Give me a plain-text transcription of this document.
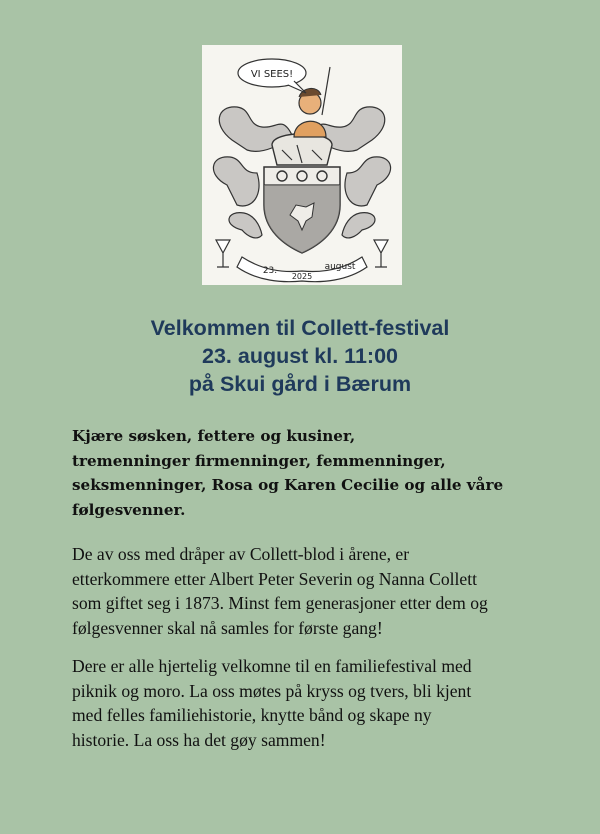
VI SEES!
23.	august
2025
Velkommen til Collett-festival
23. august kl. 11:00
på Skui gård i Bærum
Kjære søsken, fettere og kusiner,
tremenninger firmenninger, femmenninger,
seksmenninger, Rosa og Karen Cecilie og alle våre
følgesvenner.
De av oss med dråper av Collett-blod i årene, er
etterkommere etter Albert Peter Severin og Nanna Collett
som giftet seg i 1873. Minst fem generasjoner etter dem og
følgesvenner skal nå samles for første gang!
Dere er alle hjertelig velkomne til en familiefestival med
piknik og moro. La oss møtes på kryss og tvers, bli kjent
med felles familiehistorie, knytte bånd og skape ny
historie. La oss ha det gøy sammen!
